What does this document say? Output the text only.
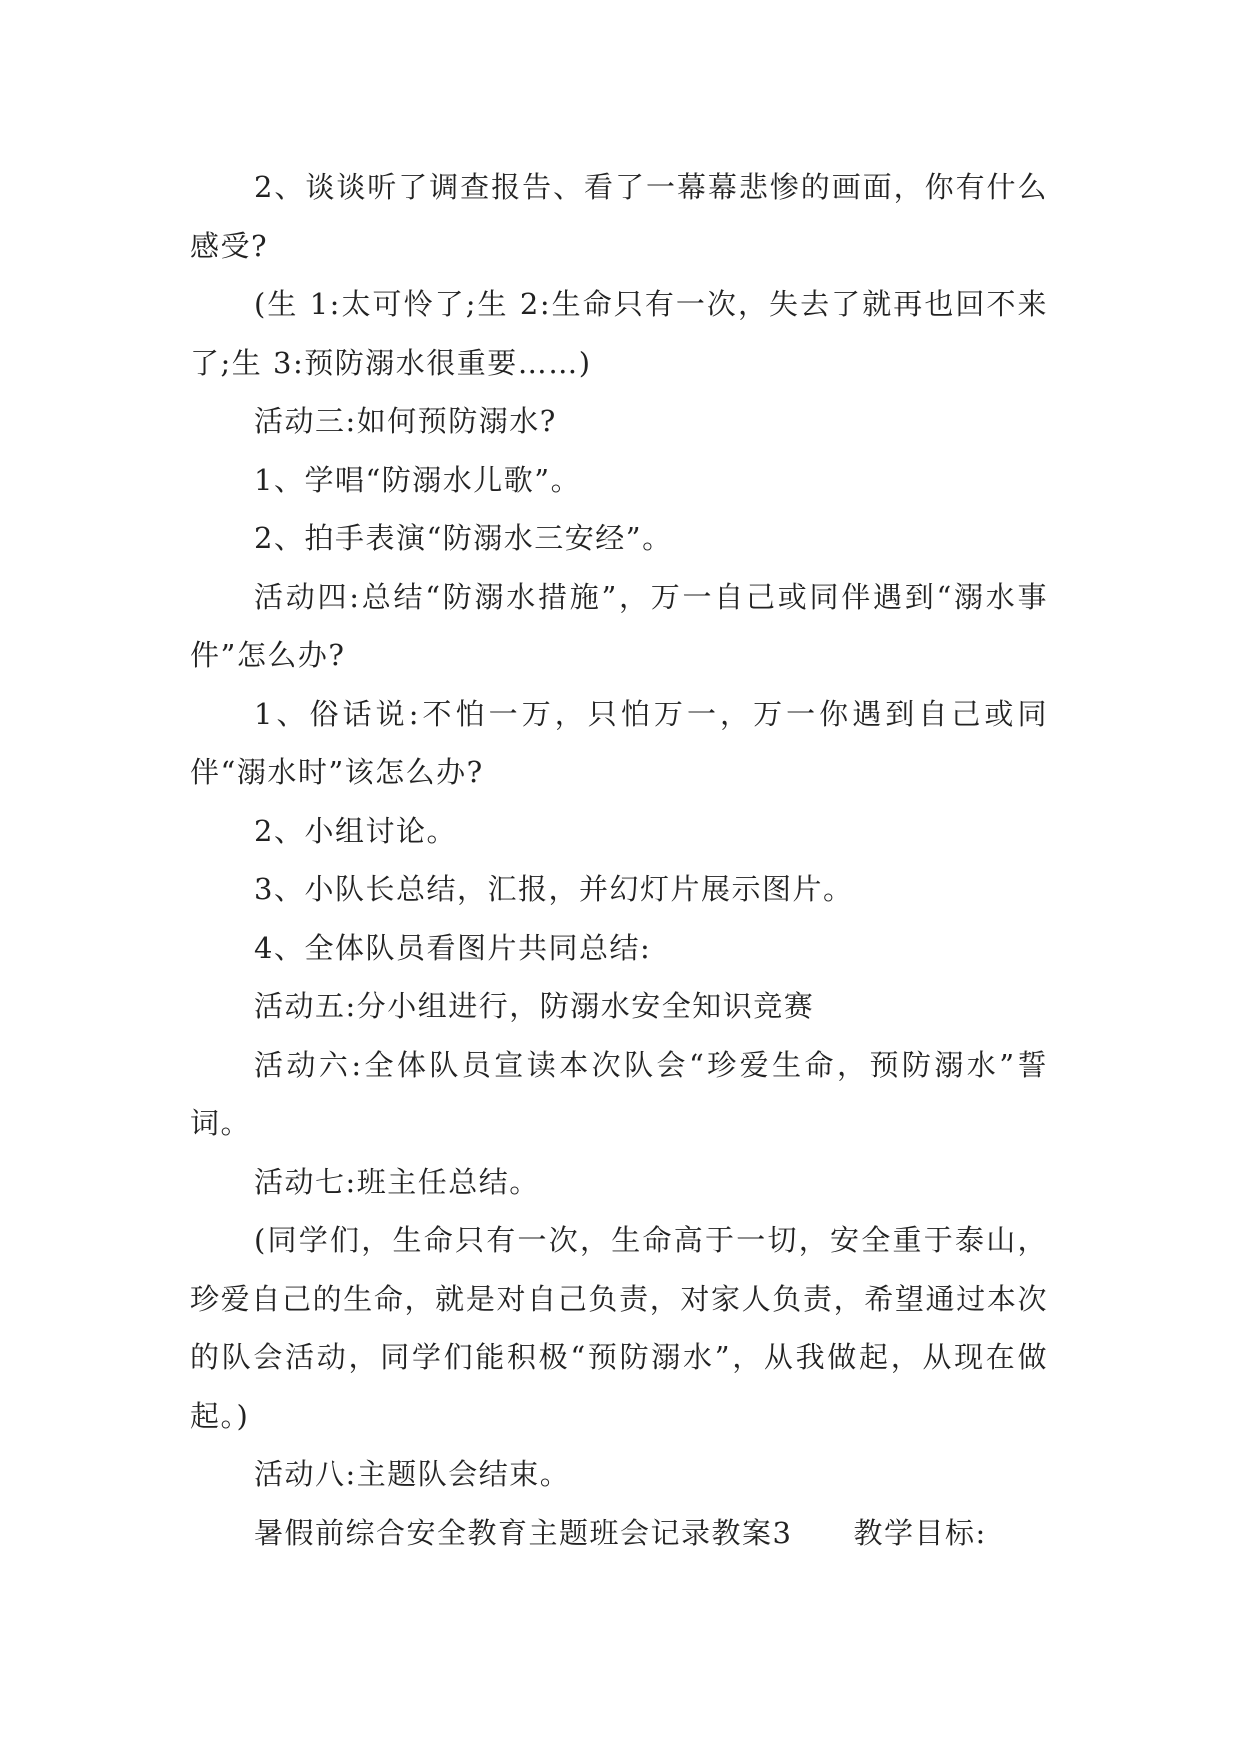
2、谈谈听了调查报告、看了一幕幕悲惨的画面，你有什么感受?

(生 1:太可怜了;生 2:生命只有一次，失去了就再也回不来了;生 3:预防溺水很重要……)

活动三:如何预防溺水?

1、学唱“防溺水儿歌”。

2、拍手表演“防溺水三安经”。

活动四:总结“防溺水措施”，万一自己或同伴遇到“溺水事件”怎么办?

1、俗话说:不怕一万，只怕万一，万一你遇到自己或同伴“溺水时”该怎么办?

2、小组讨论。

3、小队长总结，汇报，并幻灯片展示图片。

4、全体队员看图片共同总结:

活动五:分小组进行，防溺水安全知识竞赛

活动六:全体队员宣读本次队会“珍爱生命，预防溺水”誓词。

活动七:班主任总结。

(同学们，生命只有一次，生命高于一切，安全重于泰山，珍爱自己的生命，就是对自己负责，对家人负责，希望通过本次的队会活动，同学们能积极“预防溺水”，从我做起，从现在做起。)

活动八:主题队会结束。

暑假前综合安全教育主题班会记录教案3　　教学目标:
